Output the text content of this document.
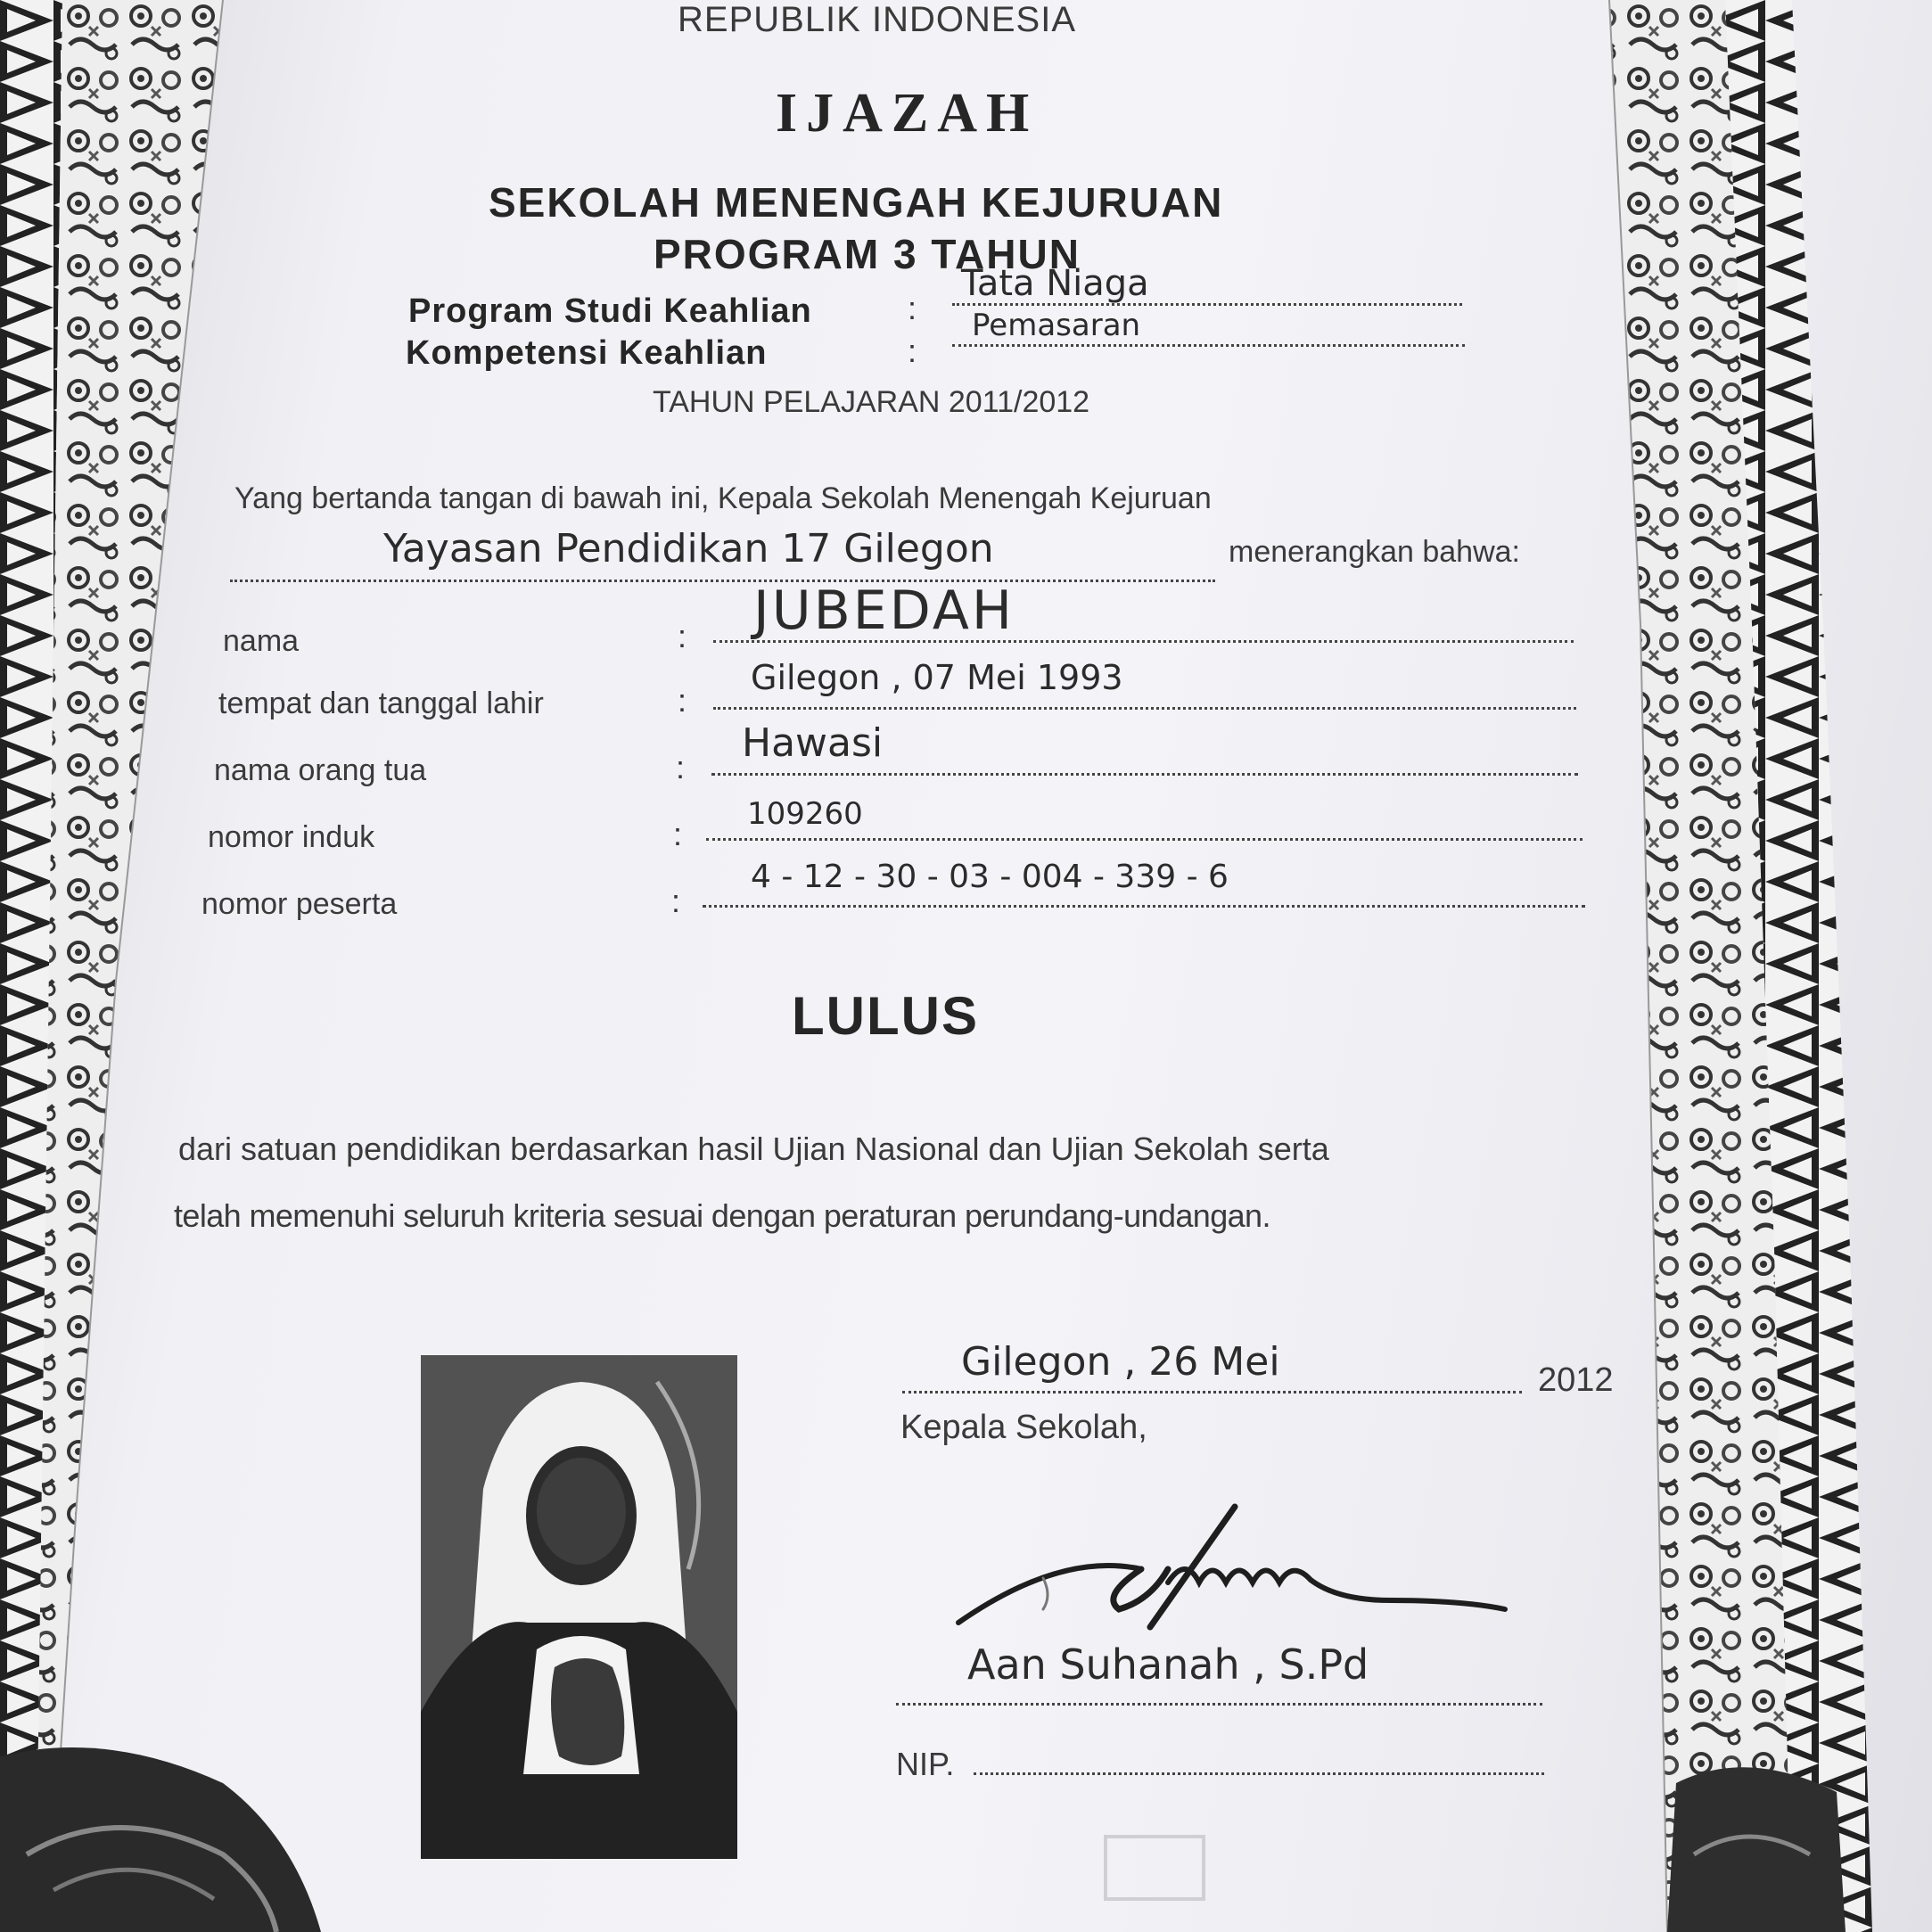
REPUBLIK INDONESIA
IJAZAH
SEKOLAH MENENGAH KEJURUAN
PROGRAM 3 TAHUN
Program Studi Keahlian	:
Tata Niaga
Kompetensi Keahlian	:
Pemasaran
TAHUN PELAJARAN 2011/2012
Yang bertanda tangan di bawah ini, Kepala Sekolah Menengah Kejuruan
Yayasan Pendidikan 17 Gilegon	menerangkan bahwa:
nama	: JUBEDAH
tempat dan tanggal lahir	:
Gilegon , 07 Mei 1993
nama orang tua	:
Hawasi
nomor induk	:
109260
nomor peserta	:
4 - 12 - 30 - 03 - 004 - 339 - 6
LULUS
dari satuan pendidikan berdasarkan hasil Ujian Nasional dan Ujian Sekolah serta
telah memenuhi seluruh kriteria sesuai dengan peraturan perundang-undangan.
Gilegon , 26 Mei	2012
Kepala Sekolah,
Aan Suhanah , S.Pd
NIP.
